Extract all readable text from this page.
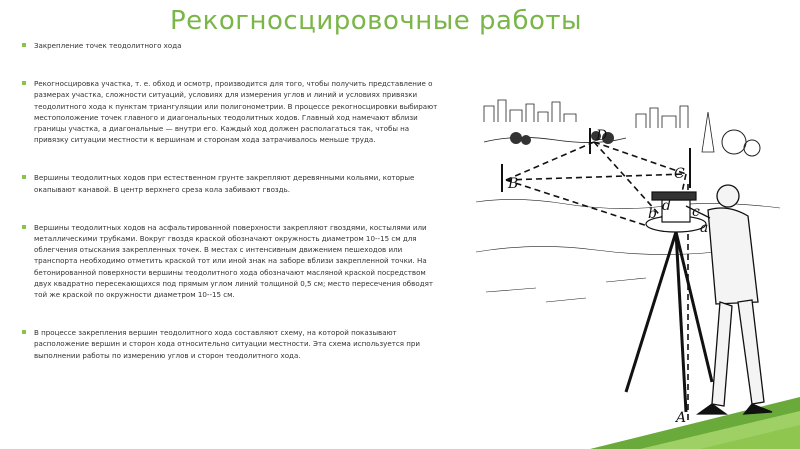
Рекогносцировочные работы
Закрепление точек теодолитного хода
Рекогносцировка участка, т. е. обход и осмотр, производится для того, чтобы получить представление о размерах участка, сложности ситуаций, условиях для измерения углов и линий и условиях привязки теодолитного хода к пунктам триангуляции или полигонометрии. В процессе рекогносцировки выбирают местоположение точек главного и диагональных теодолитных ходов. Главный ход намечают вблизи границы участка, а диагональные — внутри его. Каждый ход должен располагаться так, чтобы на привязку ситуации местности к вершинам и сторонам хода затрачивалось меньше труда.
Вершины теодолитных ходов при естественном грунте закрепляют деревянными кольями, которые окапывают канавой. В центр верхнего среза кола забивают гвоздь.
Вершины теодолитных ходов на асфальтированной поверхности закрепляют гвоздями, костылями или металлическими трубками. Вокруг гвоздя краской обозначают окружность диаметром 10--15 см для облегчения отыскания закрепленных точек. В местах с интенсивным движением пешеходов или транспорта необходимо отметить краской тот или иной знак на заборе вблизи закрепленной точки. На бетонированной поверхности вершины теодолитного хода обозначают масляной краской посредством двух квадратно пересекающихся под прямым углом линий толщиной 0,5 см; место пересечения обводят той же краской по окружности диаметром 10--15 см.
В процессе закрепления вершин теодолитного хода составляют схему, на которой показывают расположение вершин и сторон хода относительно ситуации местности. Эта схема используется при выполнении работы по измерению углов и сторон теодолитного хода.
B
D
C
b d c
a
A
